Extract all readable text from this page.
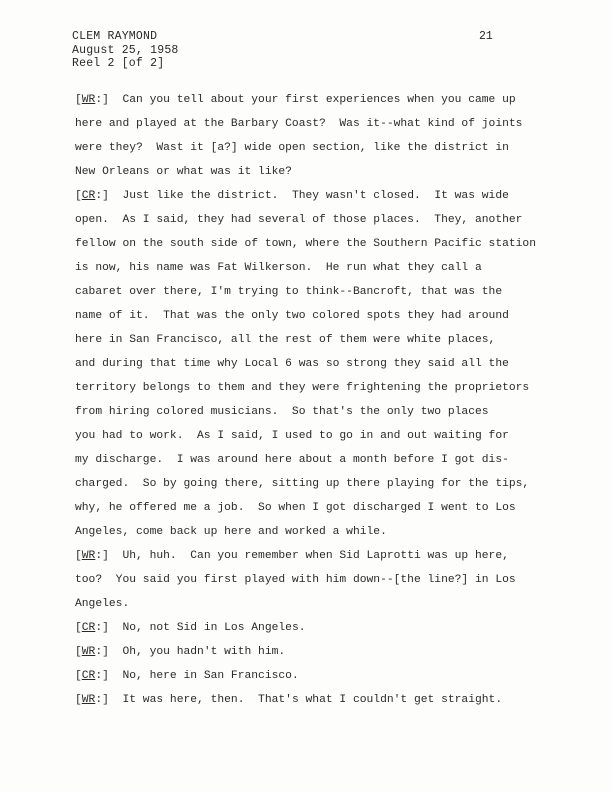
CLEM RAYMOND
August 25, 1958
Reel 2 [of 2]
21
[WR:]  Can you tell about your first experiences when you came up
here and played at the Barbary Coast?  Was it--what kind of joints
were they?  Wast it [a?] wide open section, like the district in
New Orleans or what was it like?
[CR:]  Just like the district.  They wasn't closed.  It was wide
open.  As I said, they had several of those places.  They, another
fellow on the south side of town, where the Southern Pacific station
is now, his name was Fat Wilkerson.  He run what they call a
cabaret over there, I'm trying to think--Bancroft, that was the
name of it.  That was the only two colored spots they had around
here in San Francisco, all the rest of them were white places,
and during that time why Local 6 was so strong they said all the
territory belongs to them and they were frightening the proprietors
from hiring colored musicians.  So that's the only two places
you had to work.  As I said, I used to go in and out waiting for
my discharge.  I was around here about a month before I got dis-
charged.  So by going there, sitting up there playing for the tips,
why, he offered me a job.  So when I got discharged I went to Los
Angeles, come back up here and worked a while.
[WR:]  Uh, huh.  Can you remember when Sid Laprotti was up here,
too?  You said you first played with him down--[the line?] in Los
Angeles.
[CR:]  No, not Sid in Los Angeles.
[WR:]  Oh, you hadn't with him.
[CR:]  No, here in San Francisco.
[WR:]  It was here, then.  That's what I couldn't get straight.
